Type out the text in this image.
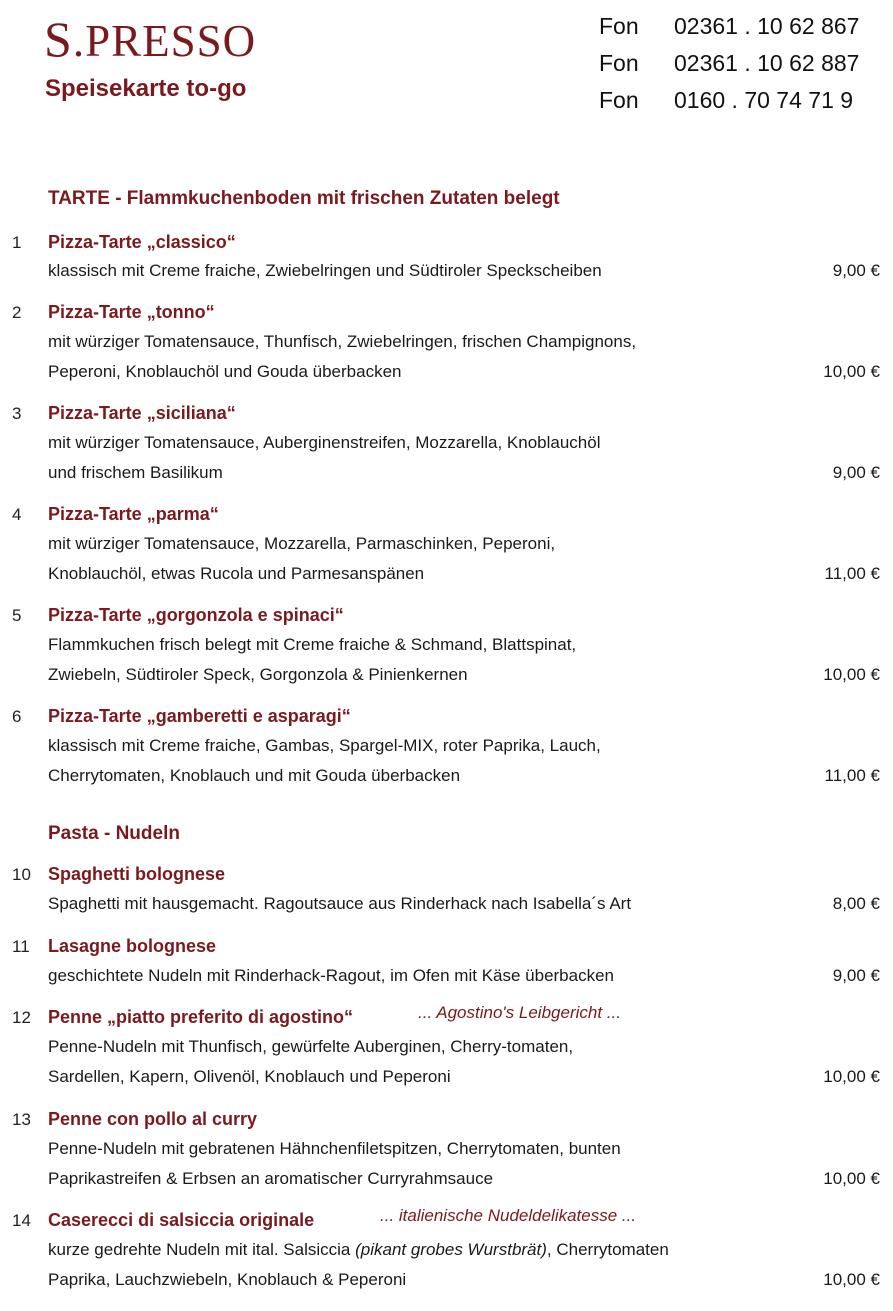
S.PRESSO
Speisekarte to-go
Fon	02361 . 10 62 867
Fon	02361 . 10 62 887
Fon	0160 . 70 74 71 9
TARTE - Flammkuchenboden mit frischen Zutaten belegt
1 Pizza-Tarte „classico“
klassisch mit Creme fraiche, Zwiebelringen und Südtiroler Speckscheiben	9,00 €
2 Pizza-Tarte „tonno“
mit würziger Tomatensauce, Thunfisch, Zwiebelringen, frischen Champignons,
Peperoni, Knoblauchöl und Gouda überbacken	10,00 €
3 Pizza-Tarte „siciliana“
mit würziger Tomatensauce, Auberginenstreifen, Mozzarella, Knoblauchöl
und frischem Basilikum	9,00 €
4 Pizza-Tarte „parma“
mit würziger Tomatensauce, Mozzarella, Parmaschinken, Peperoni,
Knoblauchöl, etwas Rucola und Parmesanspänen	11,00 €
5 Pizza-Tarte „gorgonzola e spinaci“
Flammkuchen frisch belegt mit Creme fraiche & Schmand, Blattspinat,
Zwiebeln, Südtiroler Speck, Gorgonzola & Pinienkernen	10,00 €
6 Pizza-Tarte „gamberetti e asparagi“
klassisch mit Creme fraiche, Gambas, Spargel-MIX, roter Paprika, Lauch,
Cherrytomaten, Knoblauch und mit Gouda überbacken	11,00 €
Pasta - Nudeln
10 Spaghetti bolognese
Spaghetti mit hausgemacht. Ragoutsauce aus Rinderhack nach Isabella´s Art	8,00 €
11 Lasagne bolognese
geschichtete Nudeln mit Rinderhack-Ragout, im Ofen mit Käse überbacken	9,00 €
12 Penne „piatto preferito di agostino“	... Agostino's Leibgericht ...
Penne-Nudeln mit Thunfisch, gewürfelte Auberginen, Cherry-tomaten,
Sardellen, Kapern, Olivenöl, Knoblauch und Peperoni	10,00 €
13 Penne con pollo al curry
Penne-Nudeln mit gebratenen Hähnchenfiletspitzen, Cherrytomaten, bunten
Paprikastreifen & Erbsen an aromatischer Curryrahmsauce	10,00 €
14 Caserecci di salsiccia originale	... italienische Nudeldelikatesse ...
kurze gedrehte Nudeln mit ital. Salsiccia (pikant grobes Wurstbrät), Cherrytomaten
Paprika, Lauchzwiebeln, Knoblauch & Peperoni	10,00 €
